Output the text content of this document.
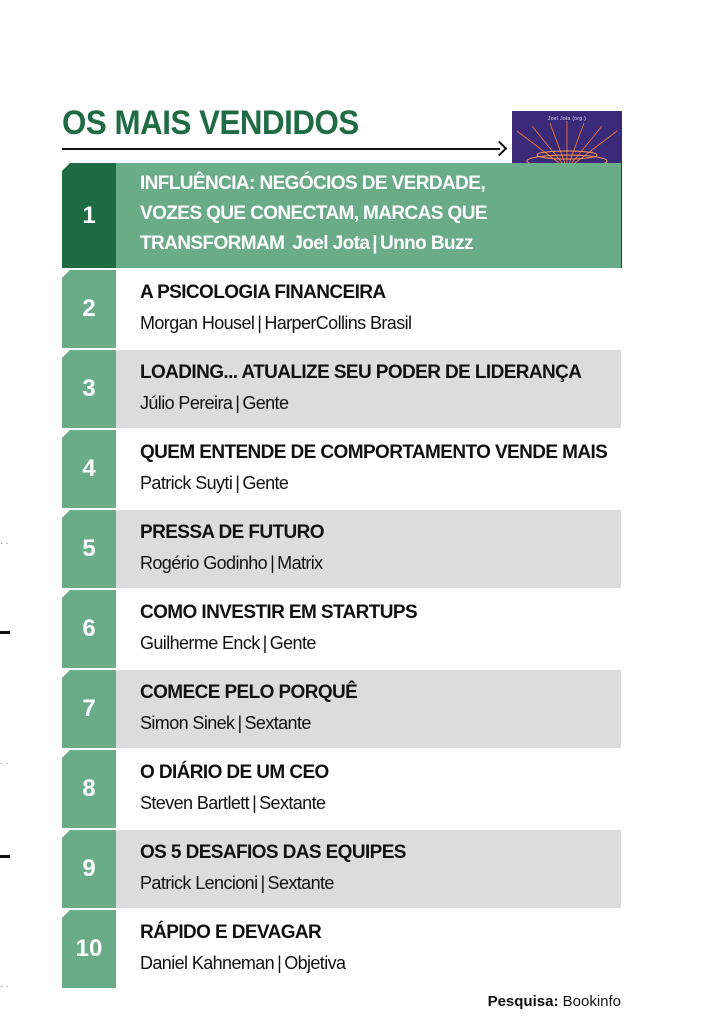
OS MAIS VENDIDOS	Joel Jota (org.)
1
INFLUÊNCIA: NEGÓCIOS DE VERDADE, VOZES QUE CONECTAM, MARCAS QUE TRANSFORMAM Joel Jota | Unno Buzz
2
A PSICOLOGIA FINANCEIRA
Morgan Housel | HarperCollins Brasil
3
LOADING... ATUALIZE SEU PODER DE LIDERANÇA
Júlio Pereira | Gente
4
QUEM ENTENDE DE COMPORTAMENTO VENDE MAIS
Patrick Suyti | Gente
5
PRESSA DE FUTURO
Rogério Godinho | Matrix
6
COMO INVESTIR EM STARTUPS
Guilherme Enck | Gente
7
COMECE PELO PORQUÊ
Simon Sinek | Sextante
8
O DIÁRIO DE UM CEO
Steven Bartlett | Sextante
9
OS 5 DESAFIOS DAS EQUIPES
Patrick Lencioni | Sextante
10
RÁPIDO E DEVAGAR
Daniel Kahneman | Objetiva
Pesquisa: Bookinfo
··
··
··
